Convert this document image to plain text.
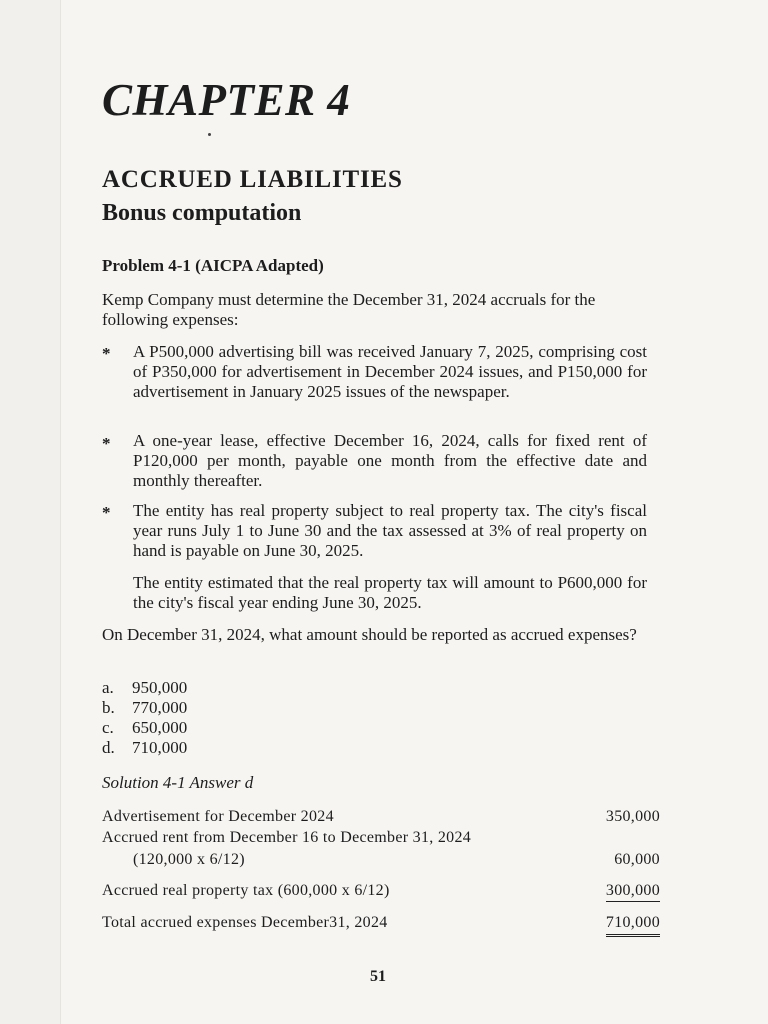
CHAPTER 4
ACCRUED LIABILITIES
Bonus computation
Problem 4-1 (AICPA Adapted)
Kemp Company must determine the December 31, 2024 accruals for the following expenses:
* A P500,000 advertising bill was received January 7, 2025, comprising cost of P350,000 for advertisement in December 2024 issues, and P150,000 for advertisement in January 2025 issues of the newspaper.
* A one-year lease, effective December 16, 2024, calls for fixed rent of P120,000 per month, payable one month from the effective date and monthly thereafter.
* The entity has real property subject to real property tax. The city's fiscal year runs July 1 to June 30 and the tax assessed at 3% of real property on hand is payable on June 30, 2025.
The entity estimated that the real property tax will amount to P600,000 for the city's fiscal year ending June 30, 2025.
On December 31, 2024, what amount should be reported as accrued expenses?
a. 950,000
b. 770,000
c. 650,000
d. 710,000
Solution 4-1 Answer d
Advertisement for December 2024	350,000
Accrued rent from December 16 to December 31, 2024
(120,000 x 6/12)	60,000
Accrued real property tax (600,000 x 6/12)	300,000
Total accrued expenses December31, 2024	710,000
51
